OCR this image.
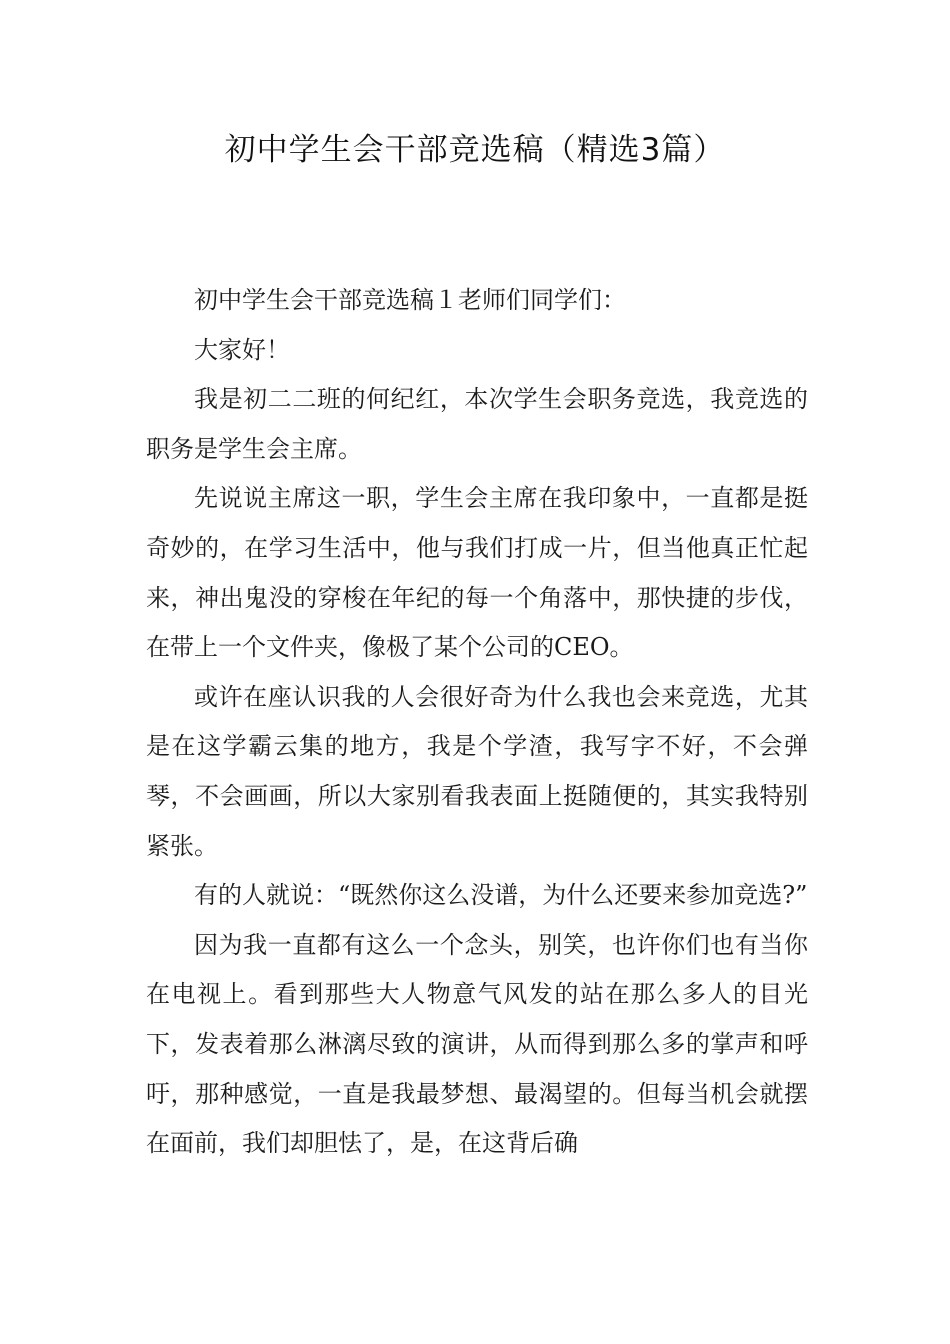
初中学生会干部竞选稿（精选3篇）

初中学生会干部竞选稿１老师们同学们：

大家好！

我是初二二班的何纪红，本次学生会职务竞选，我竞选的职务是学生会主席。

先说说主席这一职，学生会主席在我印象中，一直都是挺奇妙的，在学习生活中，他与我们打成一片，但当他真正忙起来，神出鬼没的穿梭在年纪的每一个角落中，那快捷的步伐，在带上一个文件夹，像极了某个公司的CEO。

或许在座认识我的人会很好奇为什么我也会来竞选，尤其是在这学霸云集的地方，我是个学渣，我写字不好，不会弹琴，不会画画，所以大家别看我表面上挺随便的，其实我特别紧张。

有的人就说：“既然你这么没谱，为什么还要来参加竞选?”

因为我一直都有这么一个念头，别笑，也许你们也有当你在电视上。看到那些大人物意气风发的站在那么多人的目光下，发表着那么淋漓尽致的演讲，从而得到那么多的掌声和呼吁，那种感觉，一直是我最梦想、最渴望的。但每当机会就摆在面前，我们却胆怯了，是，在这背后确
